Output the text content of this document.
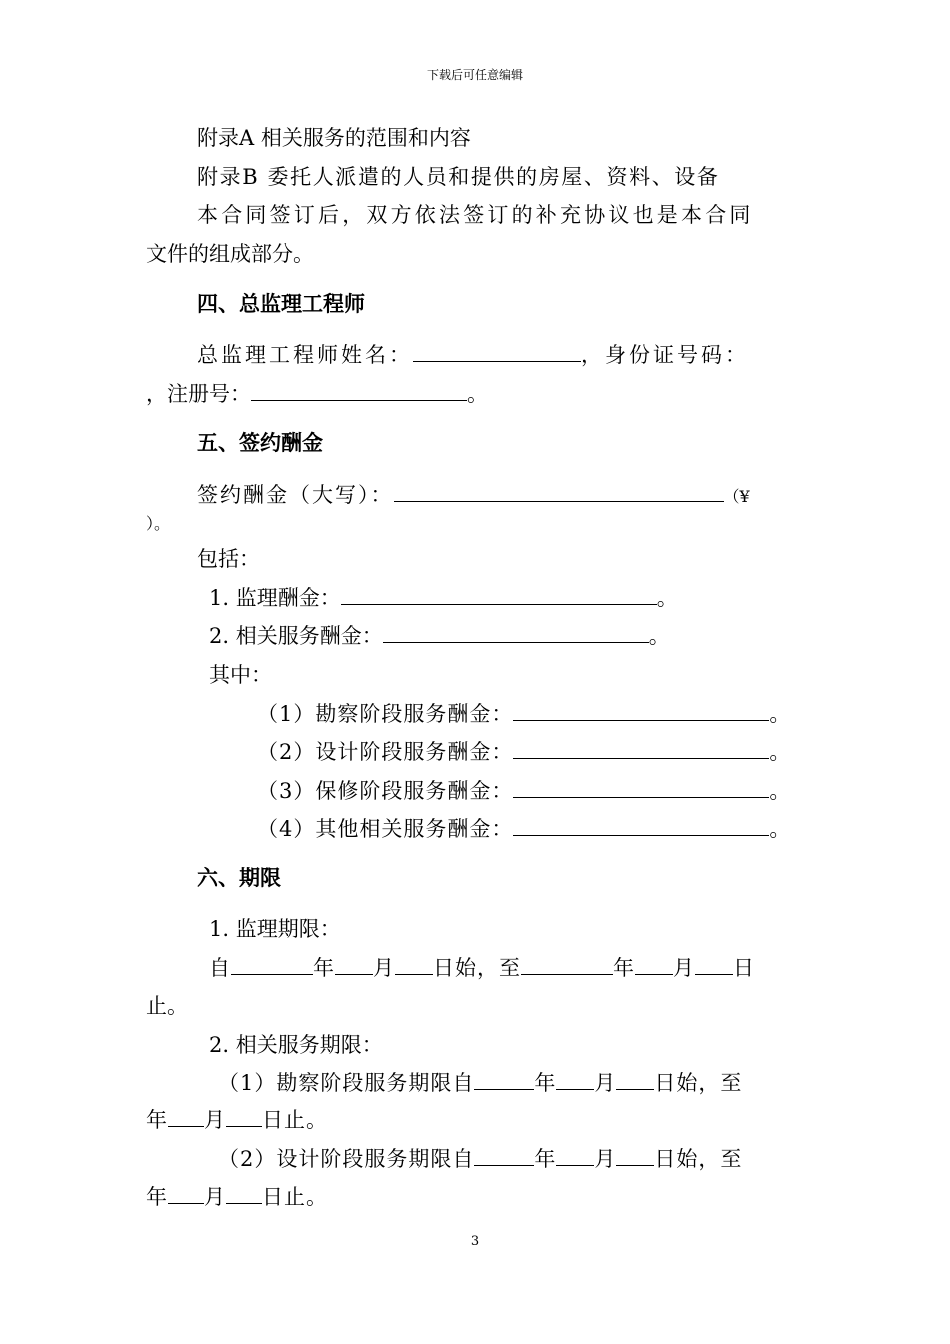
下载后可任意编辑
附录A 相关服务的范围和内容
附录B 委托人派遣的人员和提供的房屋、资料、设备
本合同签订后，双方依法签订的补充协议也是本合同
文件的组成部分。
四、总监理工程师
总监理工程师姓名：	，身份证号码：
，注册号：	。
五、签约酬金
签约酬金（大写）：	（¥
）。
包括：
1. 监理酬金：	。
2. 相关服务酬金：	。
其中：
（1）勘察阶段服务酬金：	。
（2）设计阶段服务酬金：	。
（3）保修阶段服务酬金：	。
（4）其他相关服务酬金：	。
六、期限
1. 监理期限：
自	年 月 日始，至	年 月 日
止。
2. 相关服务期限：
（1）勘察阶段服务期限自	年 月 日始，至
年 月 日止。
（2）设计阶段服务期限自	年 月 日始，至
年 月 日止。
3
